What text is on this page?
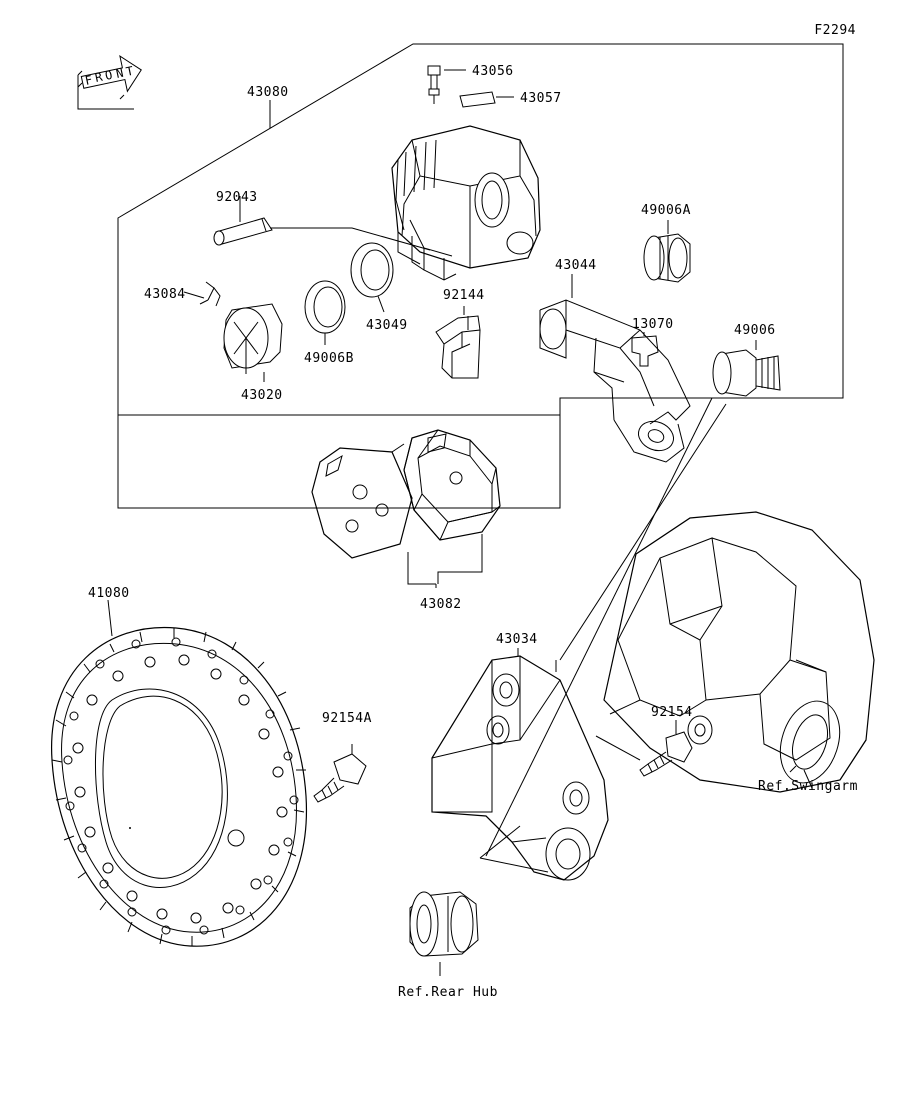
F2294
F R O N T	43056
43057
43080
92043
49006A
43084
43044
92144
43049	13070	49006
49006B
43020
43082
41080
43034
92154A	92154
Ref.Swingarm
Ref.Rear Hub
